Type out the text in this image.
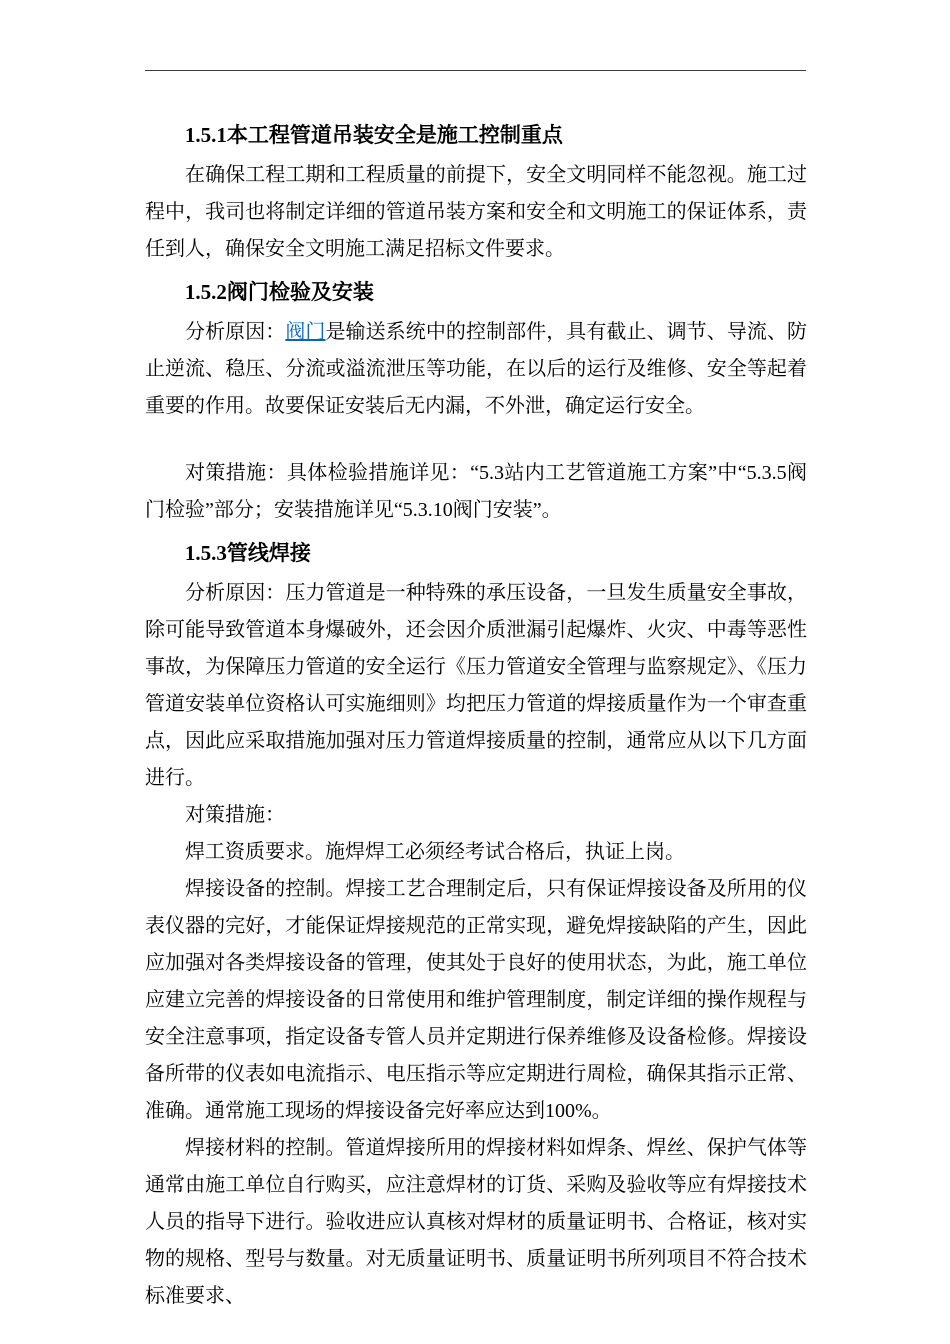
1.5.1本工程管道吊装安全是施工控制重点

在确保工程工期和工程质量的前提下，安全文明同样不能忽视。施工过程中，我司也将制定详细的管道吊装方案和安全和文明施工的保证体系，责任到人，确保安全文明施工满足招标文件要求。

1.5.2阀门检验及安装

分析原因：阀门是输送系统中的控制部件，具有截止、调节、导流、防止逆流、稳压、分流或溢流泄压等功能，在以后的运行及维修、安全等起着重要的作用。故要保证安装后无内漏，不外泄，确定运行安全。

对策措施：具体检验措施详见：“5.3站内工艺管道施工方案”中“5.3.5阀门检验”部分；安装措施详见“5.3.10阀门安装”。

1.5.3管线焊接

分析原因：压力管道是一种特殊的承压设备，一旦发生质量安全事故，除可能导致管道本身爆破外，还会因介质泄漏引起爆炸、火灾、中毒等恶性事故，为保障压力管道的安全运行《压力管道安全管理与监察规定》、《压力管道安装单位资格认可实施细则》均把压力管道的焊接质量作为一个审查重点，因此应采取措施加强对压力管道焊接质量的控制，通常应从以下几方面进行。

对策措施：

焊工资质要求。施焊焊工必须经考试合格后，执证上岗。

焊接设备的控制。焊接工艺合理制定后，只有保证焊接设备及所用的仪表仪器的完好，才能保证焊接规范的正常实现，避免焊接缺陷的产生，因此应加强对各类焊接设备的管理，使其处于良好的使用状态，为此，施工单位应建立完善的焊接设备的日常使用和维护管理制度，制定详细的操作规程与安全注意事项，指定设备专管人员并定期进行保养维修及设备检修。焊接设备所带的仪表如电流指示、电压指示等应定期进行周检，确保其指示正常、准确。通常施工现场的焊接设备完好率应达到100%。

焊接材料的控制。管道焊接所用的焊接材料如焊条、焊丝、保护气体等通常由施工单位自行购买，应注意焊材的订货、采购及验收等应有焊接技术人员的指导下进行。验收进应认真核对焊材的质量证明书、合格证，核对实物的规格、型号与数量。对无质量证明书、质量证明书所列项目不符合技术标准要求、
